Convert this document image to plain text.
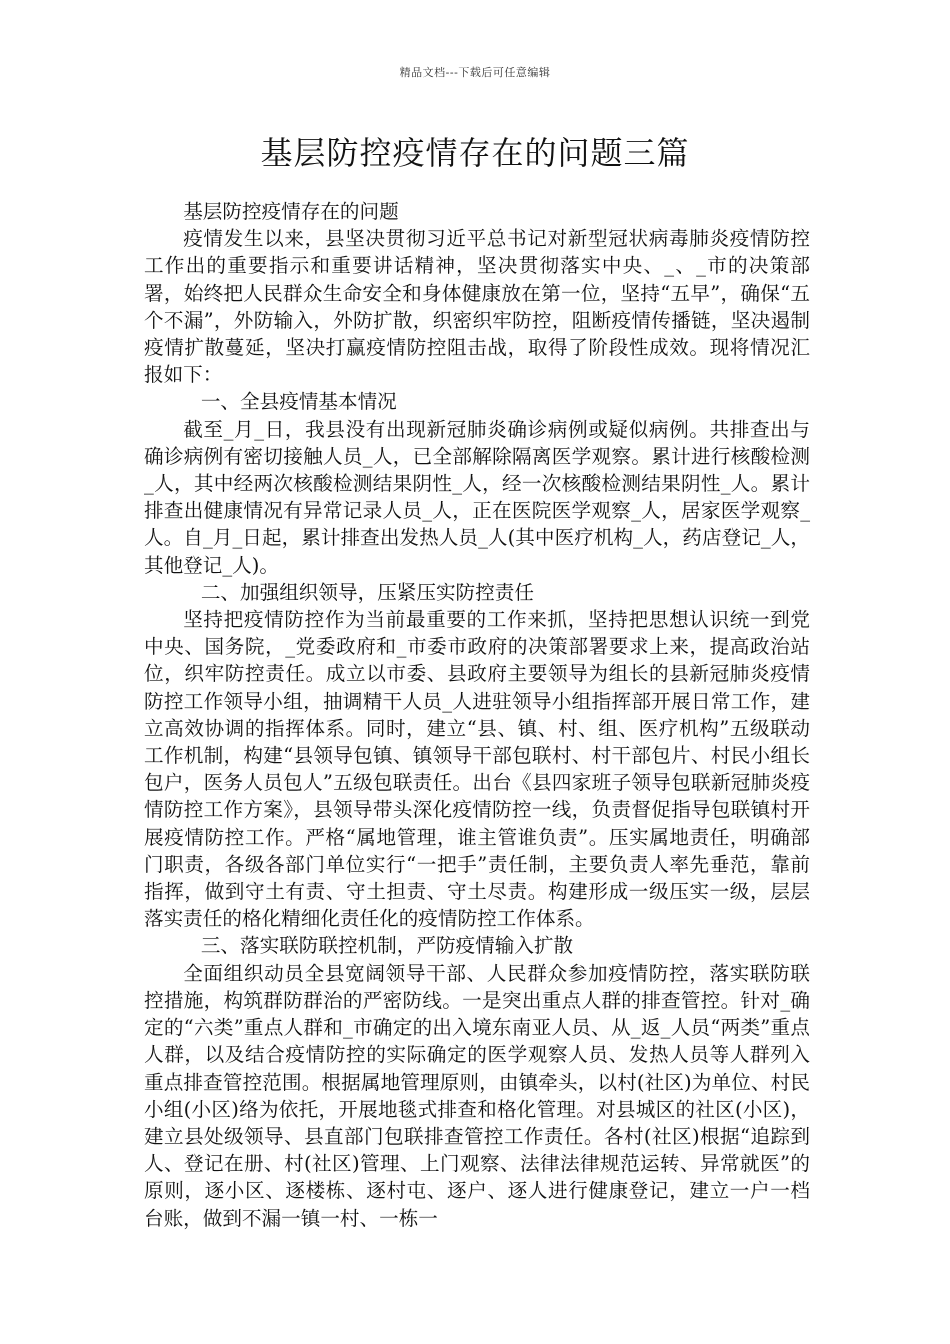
精品文档---下载后可任意编辑
基层防控疫情存在的问题三篇

基层防控疫情存在的问题

疫情发生以来，县坚决贯彻习近平总书记对新型冠状病毒肺炎疫情防控工作出的重要指示和重要讲话精神，坚决贯彻落实中央、_、_市的决策部署，始终把人民群众生命安全和身体健康放在第一位，坚持“五早”，确保“五个不漏”，外防输入，外防扩散，织密织牢防控，阻断疫情传播链，坚决遏制疫情扩散蔓延，坚决打赢疫情防控阻击战，取得了阶段性成效。现将情况汇报如下：

一、全县疫情基本情况

截至_月_日，我县没有出现新冠肺炎确诊病例或疑似病例。共排查出与确诊病例有密切接触人员_人，已全部解除隔离医学观察。累计进行核酸检测_人，其中经两次核酸检测结果阴性_人，经一次核酸检测结果阴性_人。累计排查出健康情况有异常记录人员_人，正在医院医学观察_人，居家医学观察_人。自_月_日起，累计排查出发热人员_人(其中医疗机构_人，药店登记_人，其他登记_人)。

二、加强组织领导，压紧压实防控责任

坚持把疫情防控作为当前最重要的工作来抓，坚持把思想认识统一到党中央、国务院，_党委政府和_市委市政府的决策部署要求上来，提高政治站位，织牢防控责任。成立以市委、县政府主要领导为组长的县新冠肺炎疫情防控工作领导小组，抽调精干人员_人进驻领导小组指挥部开展日常工作，建立高效协调的指挥体系。同时，建立“县、镇、村、组、医疗机构”五级联动工作机制，构建“县领导包镇、镇领导干部包联村、村干部包片、村民小组长包户，医务人员包人”五级包联责任。出台《县四家班子领导包联新冠肺炎疫情防控工作方案》，县领导带头深化疫情防控一线，负责督促指导包联镇村开展疫情防控工作。严格“属地管理，谁主管谁负责”。压实属地责任，明确部门职责，各级各部门单位实行“一把手”责任制，主要负责人率先垂范，靠前指挥，做到守土有责、守土担责、守土尽责。构建形成一级压实一级，层层落实责任的格化精细化责任化的疫情防控工作体系。

三、落实联防联控机制，严防疫情输入扩散

全面组织动员全县宽阔领导干部、人民群众参加疫情防控，落实联防联控措施，构筑群防群治的严密防线。一是突出重点人群的排查管控。针对_确定的“六类”重点人群和_市确定的出入境东南亚人员、从_返_人员“两类”重点人群，以及结合疫情防控的实际确定的医学观察人员、发热人员等人群列入重点排查管控范围。根据属地管理原则，由镇牵头，以村(社区)为单位、村民小组(小区)络为依托，开展地毯式排查和格化管理。对县城区的社区(小区)，建立县处级领导、县直部门包联排查管控工作责任。各村(社区)根据“追踪到人、登记在册、村(社区)管理、上门观察、法律法律规范运转、异常就医”的原则，逐小区、逐楼栋、逐村屯、逐户、逐人进行健康登记，建立一户一档台账，做到不漏一镇一村、一栋一
